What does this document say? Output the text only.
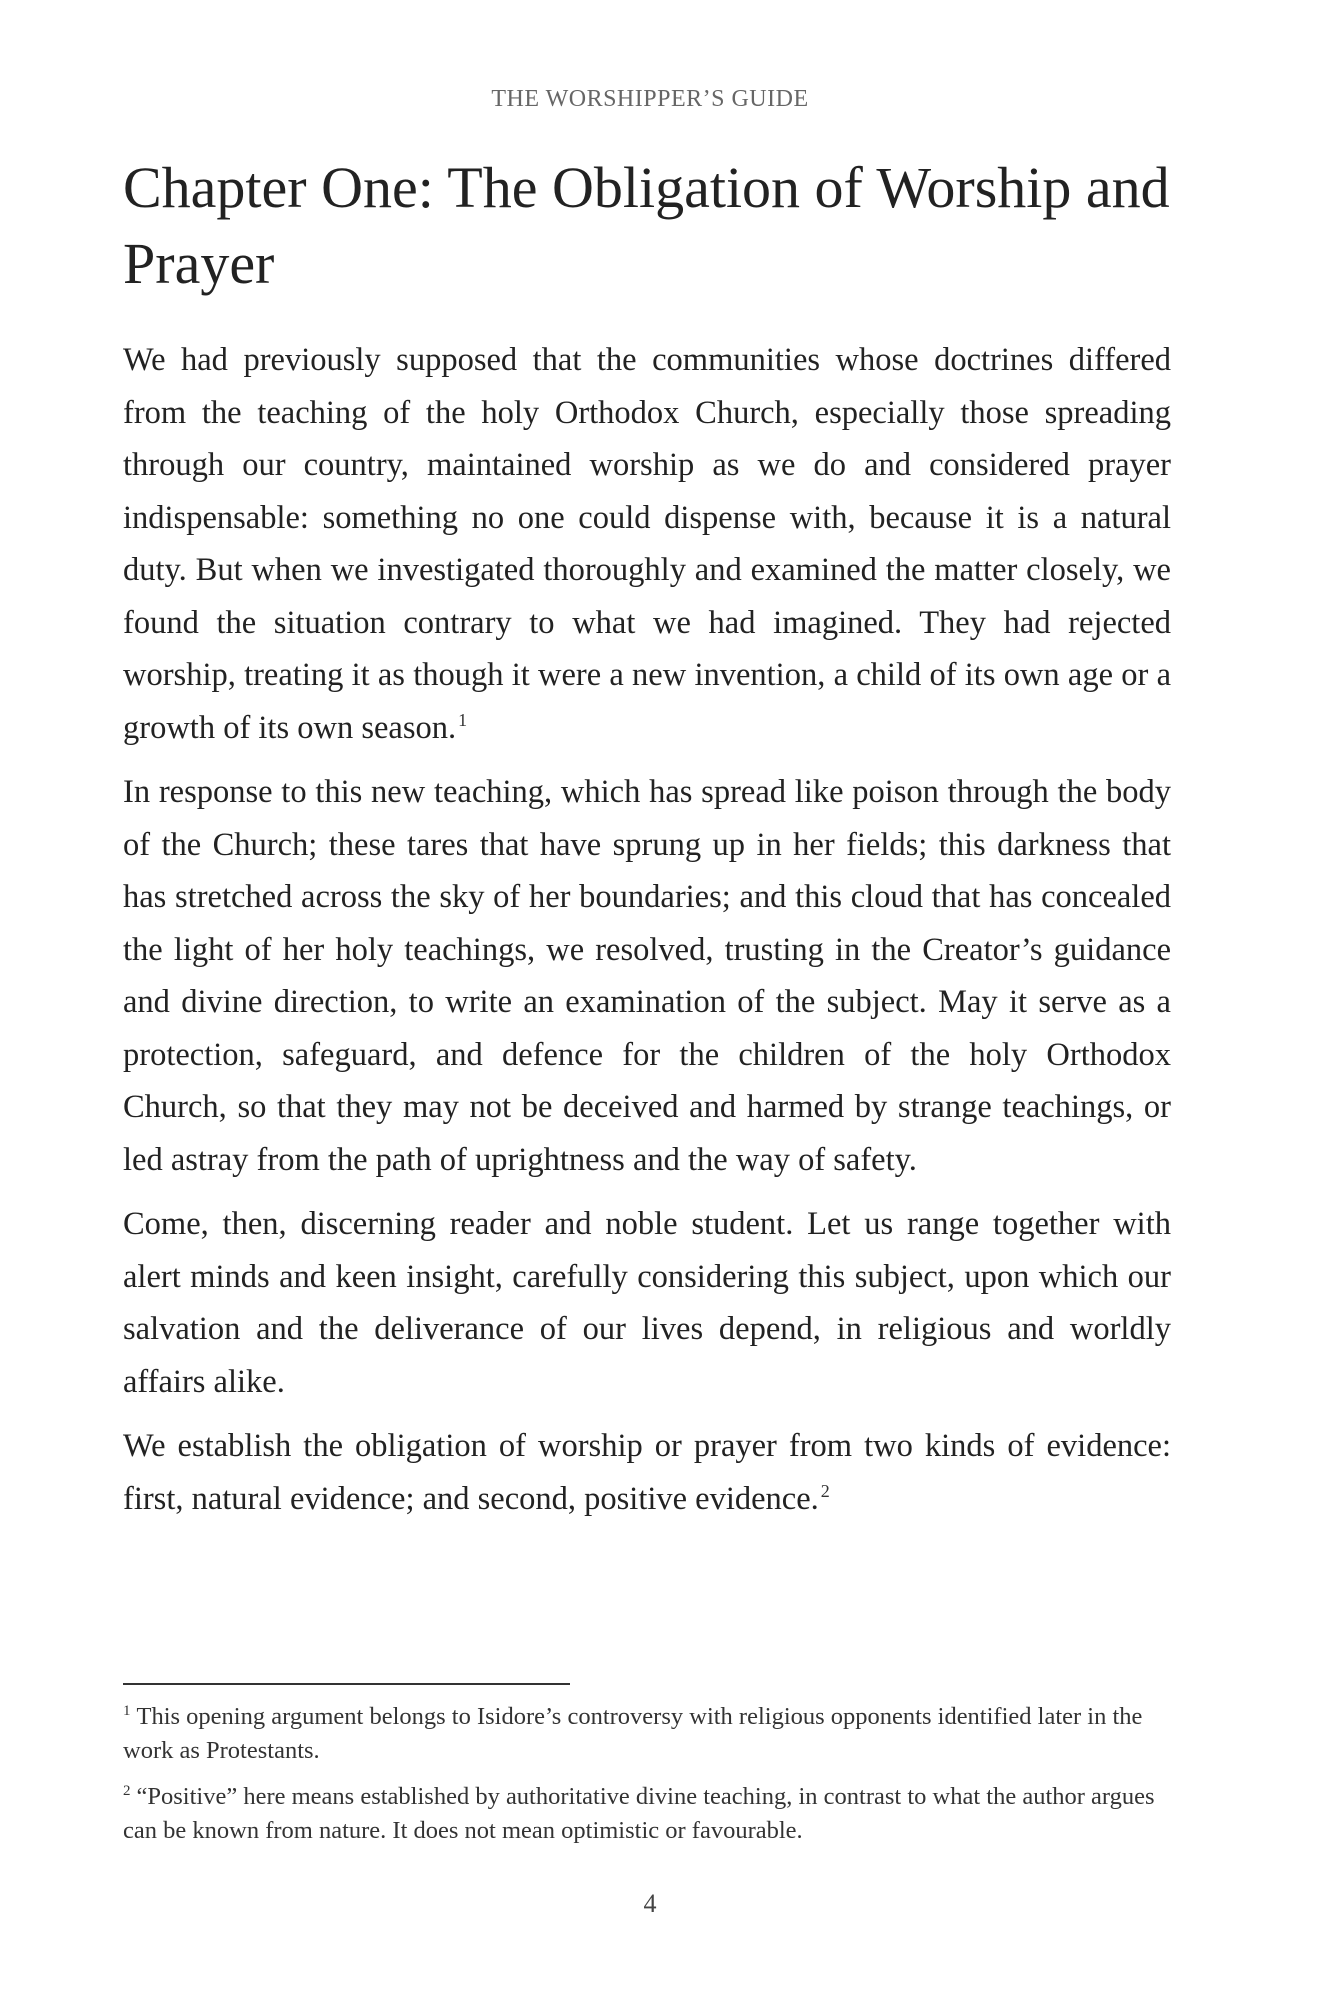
THE WORSHIPPER’S GUIDE
Chapter One: The Obligation of Worship and Prayer

We had previously supposed that the communities whose doctrines differed from the teaching of the holy Orthodox Church, especially those spreading through our country, maintained worship as we do and considered prayer indispensable: something no one could dispense with, because it is a natural duty. But when we investigated thoroughly and examined the matter closely, we found the situation contrary to what we had imagined. They had rejected worship, treating it as though it were a new invention, a child of its own age or a growth of its own season. $^1$

In response to this new teaching, which has spread like poison through the body of the Church; these tares that have sprung up in her fields; this darkness that has stretched across the sky of her boundaries; and this cloud that has concealed the light of her holy teachings, we resolved, trusting in the Creator’s guidance and divine direction, to write an examination of the subject. May it serve as a protection, safeguard, and defence for the children of the holy Orthodox Church, so that they may not be deceived and harmed by strange teachings, or led astray from the path of uprightness and the way of safety.

Come, then, discerning reader and noble student. Let us range together with alert minds and keen insight, carefully considering this subject, upon which our salvation and the deliverance of our lives depend, in religious and worldly affairs alike.

We establish the obligation of worship or prayer from two kinds of evidence: first, natural evidence; and second, positive evidence. $^2$

$^1$ This opening argument belongs to Isidore’s controversy with religious opponents identified later in the work as Protestants.

$^2$ “Positive” here means established by authoritative divine teaching, in contrast to what the author argues can be known from nature. It does not mean optimistic or favourable.

4
